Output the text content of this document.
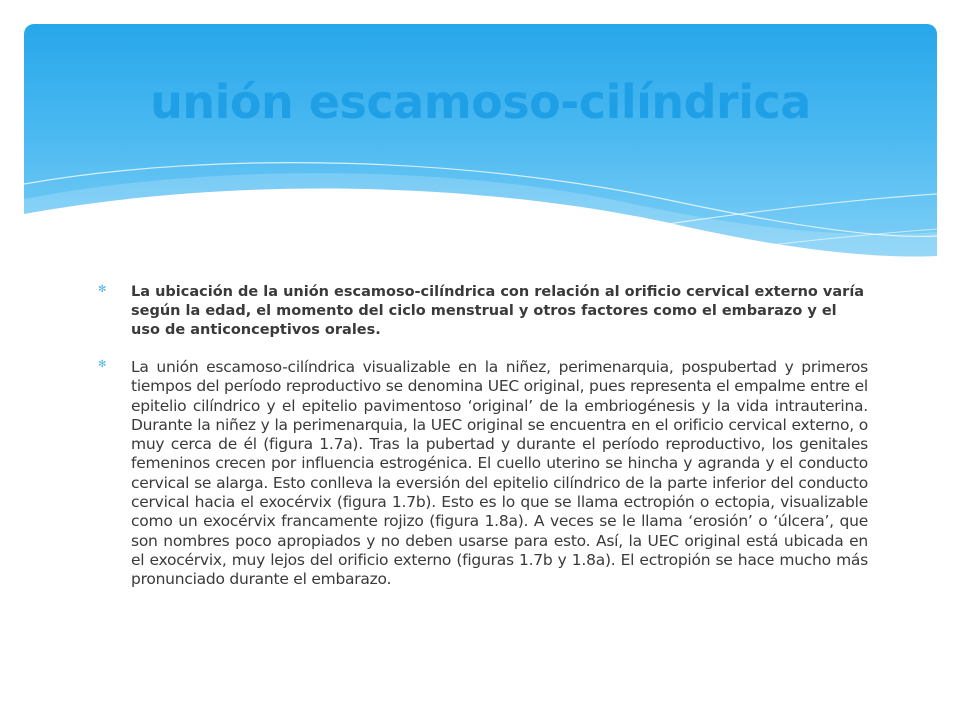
unión escamoso-cilíndrica
✻ La ubicación de la unión escamoso-cilíndrica con relación al orificio cervical externo varía según la edad, el momento del ciclo menstrual y otros factores como el embarazo y el uso de anticonceptivos orales.
✻ La unión escamoso-cilíndrica visualizable en la niñez, perimenarquia, pospubertad y primeros tiempos del período reproductivo se denomina UEC original, pues representa el empalme entre el epitelio cilíndrico y el epitelio pavimentoso ‘original’ de la embriogénesis y la vida intrauterina. Durante la niñez y la perimenarquia, la UEC original se encuentra en el orificio cervical externo, o muy cerca de él (figura 1.7a). Tras la pubertad y durante el período reproductivo, los genitales femeninos crecen por influencia estrogénica. El cuello uterino se hincha y agranda y el conducto cervical se alarga. Esto conlleva la eversión del epitelio cilíndrico de la parte inferior del conducto cervical hacia el exocérvix (figura 1.7b). Esto es lo que se llama ectropión o ectopia, visualizable como un exocérvix francamente rojizo (figura 1.8a). A veces se le llama ‘erosión’ o ‘úlcera’, que son nombres poco apropiados y no deben usarse para esto. Así, la UEC original está ubicada en el exocérvix, muy lejos del orificio externo (figuras 1.7b y 1.8a). El ectropión se hace mucho más pronunciado durante el embarazo.
